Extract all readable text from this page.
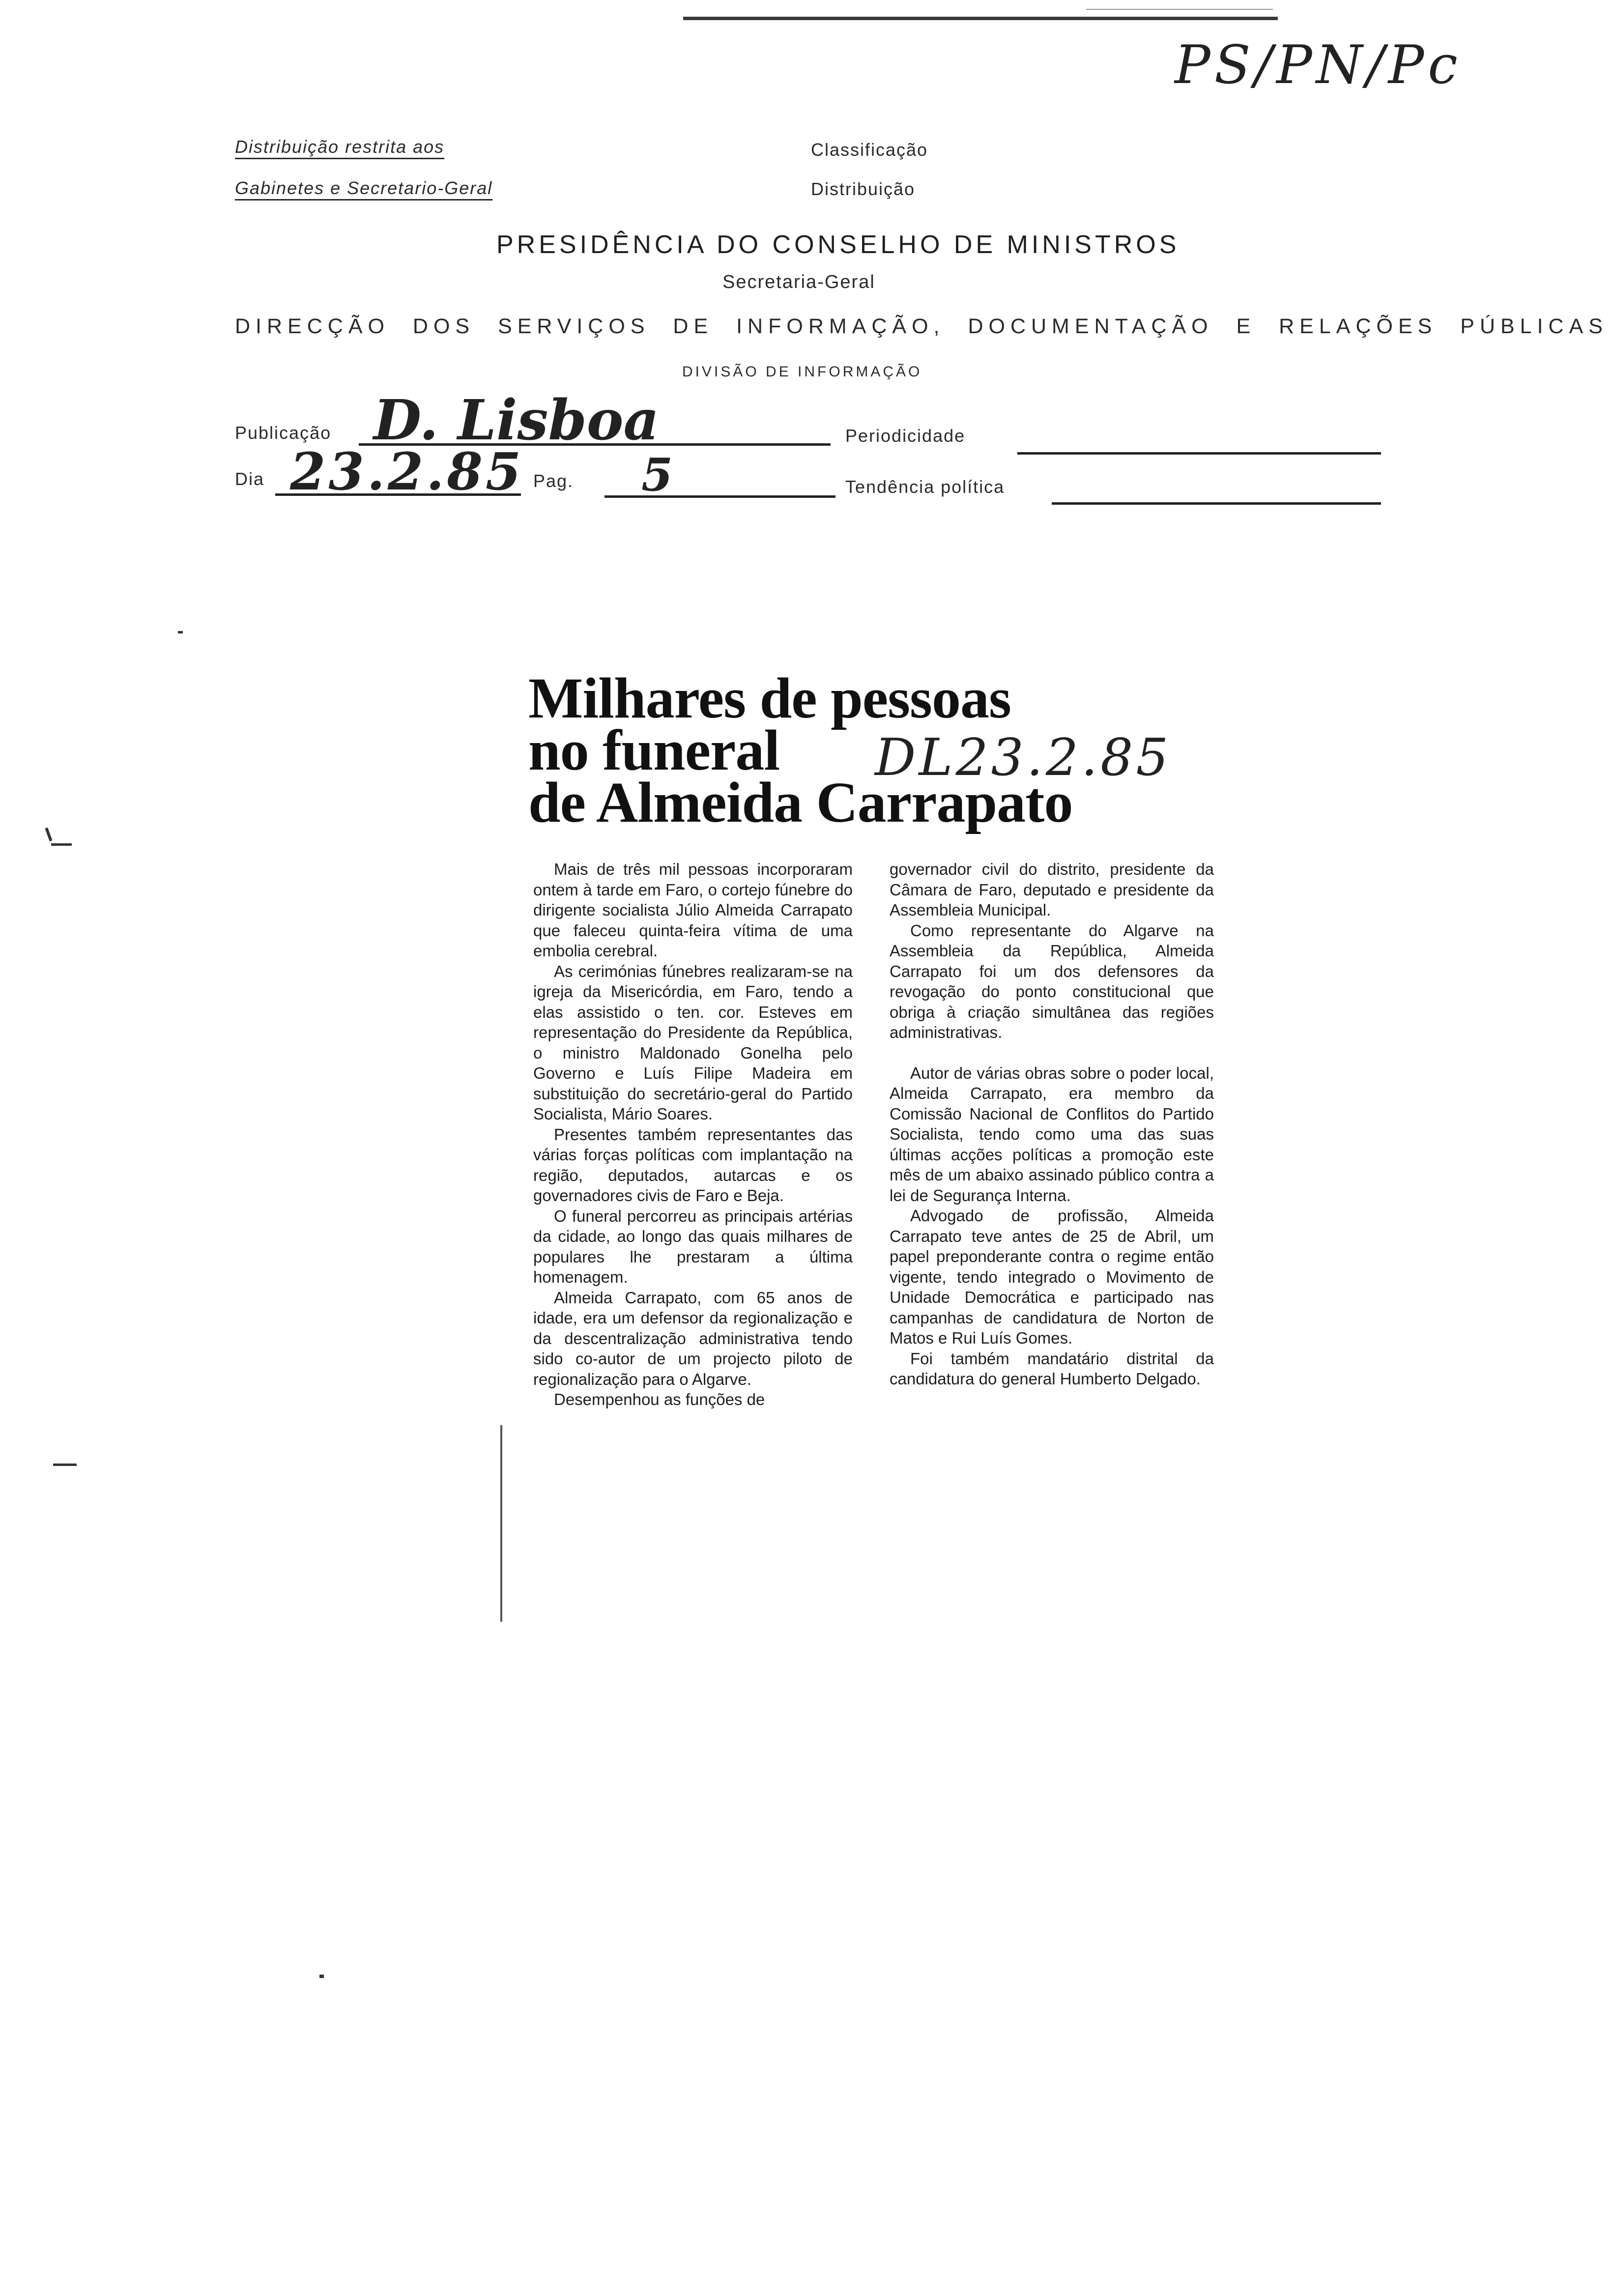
PS/PN/Pc
Distribuição restrita aos
Gabinetes e Secretario-Geral
Classificação
Distribuição
PRESIDÊNCIA DO CONSELHO DE MINISTROS
Secretaria-Geral
DIRECÇÃO DOS SERVIÇOS DE INFORMAÇÃO, DOCUMENTAÇÃO E RELAÇÕES PÚBLICAS
DIVISÃO DE INFORMAÇÃO
Publicação D. Lisboa	Periodicidade
Dia 23.2.85 Pag. 5	Tendência política
Milhares de pessoas
no funeral
de Almeida Carrapato
DL23.2.85

Mais de três mil pessoas incorporaram ontem à tarde em Faro, o cortejo fúnebre do dirigente socialista Júlio Almeida Carrapato que faleceu quinta-feira vítima de uma embolia cerebral.

As cerimónias fúnebres realizaram-se na igreja da Misericórdia, em Faro, tendo a elas assistido o ten. cor. Esteves em representação do Presidente da República, o ministro Maldonado Gonelha pelo Governo e Luís Filipe Madeira em substituição do secretário-geral do Partido Socialista, Mário Soares.

Presentes também representantes das várias forças políticas com implantação na região, deputados, autarcas e os governadores civis de Faro e Beja.

O funeral percorreu as principais artérias da cidade, ao longo das quais milhares de populares lhe prestaram a última homenagem.

Almeida Carrapato, com 65 anos de idade, era um defensor da regionalização e da descentralização administrativa tendo sido co-autor de um projecto piloto de regionalização para o Algarve.

Desempenhou as funções de

governador civil do distrito, presidente da Câmara de Faro, deputado e presidente da Assembleia Municipal.

Como representante do Algarve na Assembleia da República, Almeida Carrapato foi um dos defensores da revogação do ponto constitucional que obriga à criação simultânea das regiões administrativas.

Autor de várias obras sobre o poder local, Almeida Carrapato, era membro da Comissão Nacional de Conflitos do Partido Socialista, tendo como uma das suas últimas acções políticas a promoção este mês de um abaixo assinado público contra a lei de Segurança Interna.

Advogado de profissão, Almeida Carrapato teve antes de 25 de Abril, um papel preponderante contra o regime então vigente, tendo integrado o Movimento de Unidade Democrática e participado nas campanhas de candidatura de Norton de Matos e Rui Luís Gomes.

Foi também mandatário distrital da candidatura do general Humberto Delgado.
